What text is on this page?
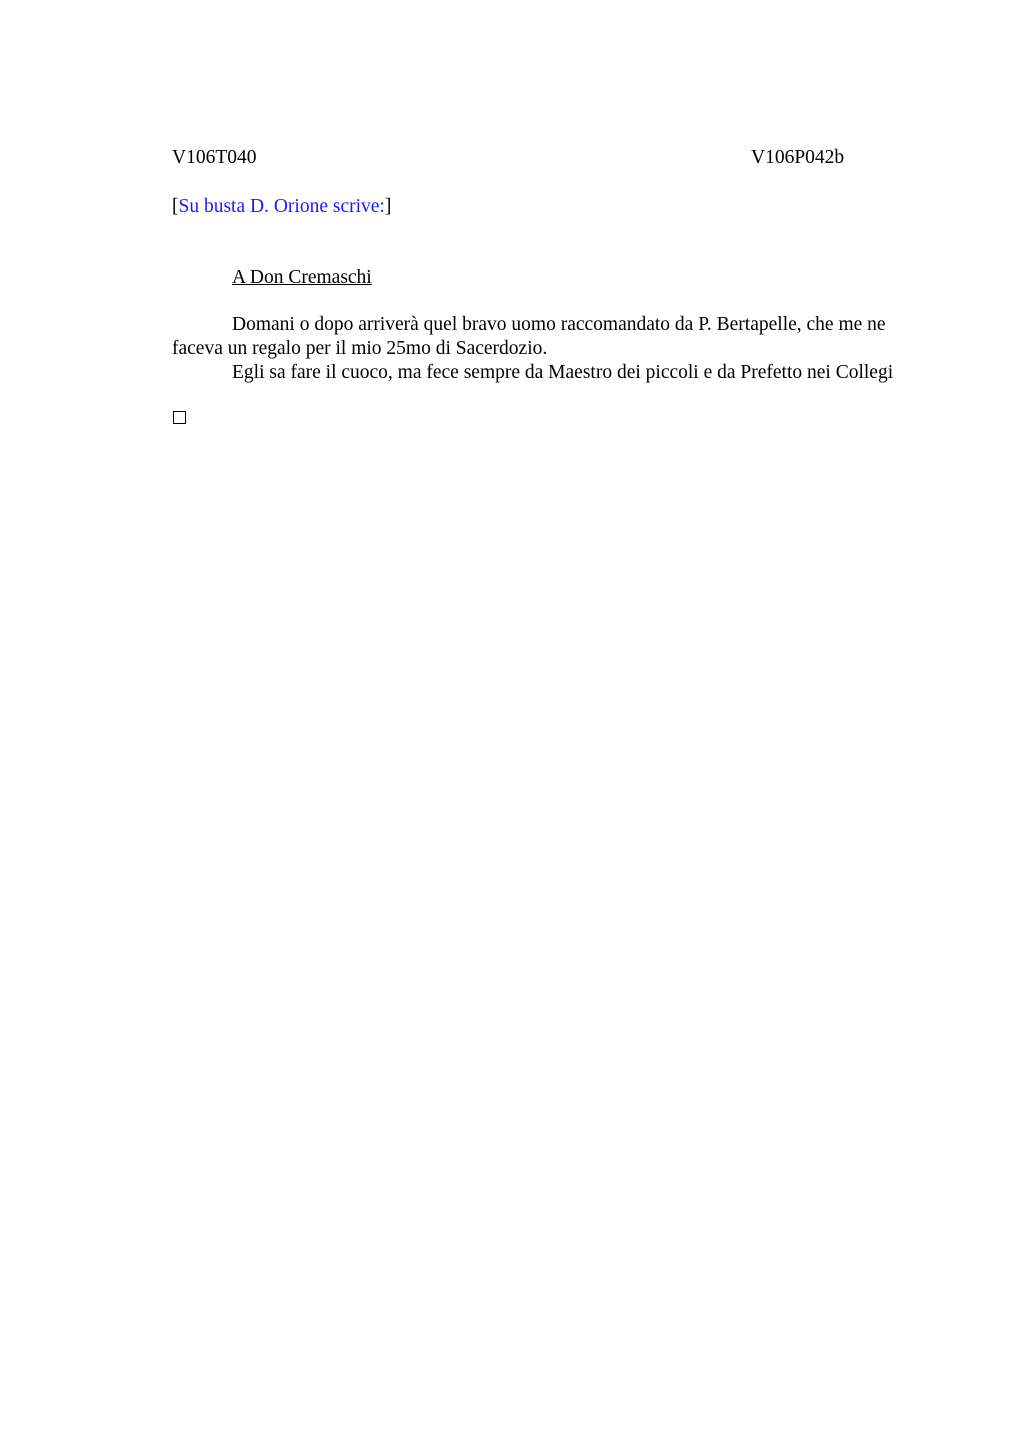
V106T040	V106P042b
[Su busta D. Orione scrive:]
A Don Cremaschi

Domani o dopo arriverà quel bravo uomo raccomandato da P. Bertapelle, che me ne faceva un regalo per il mio 25mo di Sacerdozio.

Egli sa fare il cuoco, ma fece sempre da Maestro dei piccoli e da Prefetto nei Collegi
